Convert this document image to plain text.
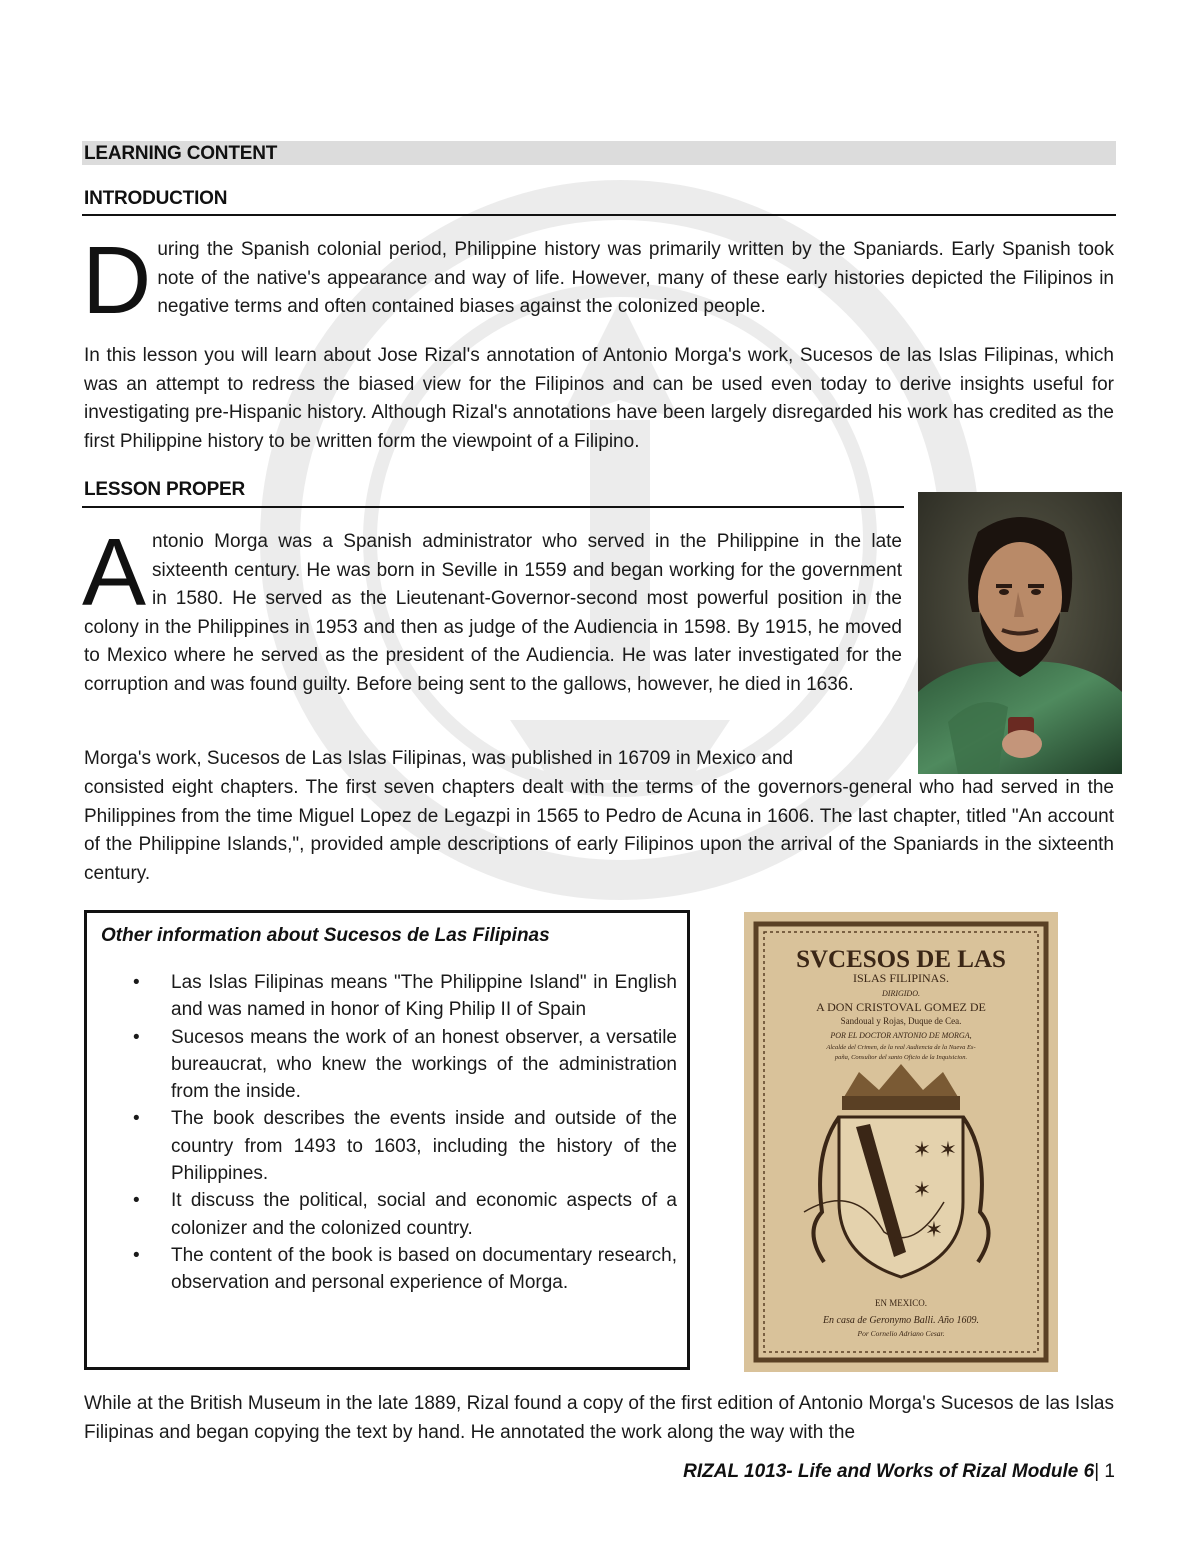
LEARNING CONTENT
INTRODUCTION

During the Spanish colonial period, Philippine history was primarily written by the Spaniards. Early Spanish took note of the native's appearance and way of life. However, many of these early histories depicted the Filipinos in negative terms and often contained biases against the colonized people.

In this lesson you will learn about Jose Rizal's annotation of Antonio Morga's work, Sucesos de las Islas Filipinas, which was an attempt to redress the biased view for the Filipinos and can be used even today to derive insights useful for investigating pre-Hispanic history. Although Rizal's annotations have been largely disregarded his work has credited as the first Philippine history to be written form the viewpoint of a Filipino.

LESSON PROPER

Antonio Morga was a Spanish administrator who served in the Philippine in the late sixteenth century. He was born in Seville in 1559 and began working for the government in 1580. He served as the Lieutenant-Governor-second most powerful position in the colony in the Philippines in 1953 and then as judge of the Audiencia in 1598. By 1915, he moved to Mexico where he served as the president of the Audiencia. He was later investigated for the corruption and was found guilty. Before being sent to the gallows, however, he died in 1636.

Morga's work, Sucesos de Las Islas Filipinas, was published in 16709 in Mexico and

consisted eight chapters. The first seven chapters dealt with the terms of the governors-general who had served in the Philippines from the time Miguel Lopez de Legazpi in 1565 to Pedro de Acuna in 1606. The last chapter, titled "An account of the Philippine Islands,", provided ample descriptions of early Filipinos upon the arrival of the Spaniards in the sixteenth century.

Other information about Sucesos de Las Filipinas
• Las Islas Filipinas means "The Philippine Island" in English and was named in honor of King Philip II of Spain
• Sucesos means the work of an honest observer, a versatile bureaucrat, who knew the workings of the administration from the inside.
• The book describes the events inside and outside of the country from 1493 to 1603, including the history of the Philippines.
• It discuss the political, social and economic aspects of a colonizer and the colonized country.
• The content of the book is based on documentary research, observation and personal experience of Morga.
SVCESOS DE LAS
ISLAS FILIPINAS.
DIRIGIDO.
A DON CRISTOVAL GOMEZ DE
Sandoual y Rojas, Duque de Cea.
POR EL DOCTOR ANTONIO DE MORGA,
Alcalde del Crimen, de la real Audiencia de la Nueva Es-
paña, Consultor del santo Oficio de la Inquisicion.
EN MEXICO.
En casa de Geronymo Balli. Año 1609.
Por Cornelio Adriano Cesar.
✶ ✶
✶
✶

While at the British Museum in the late 1889, Rizal found a copy of the first edition of Antonio Morga's Sucesos de las Islas Filipinas and began copying the text by hand. He annotated the work along the way with the

RIZAL 1013- Life and Works of Rizal Module 6| 1
